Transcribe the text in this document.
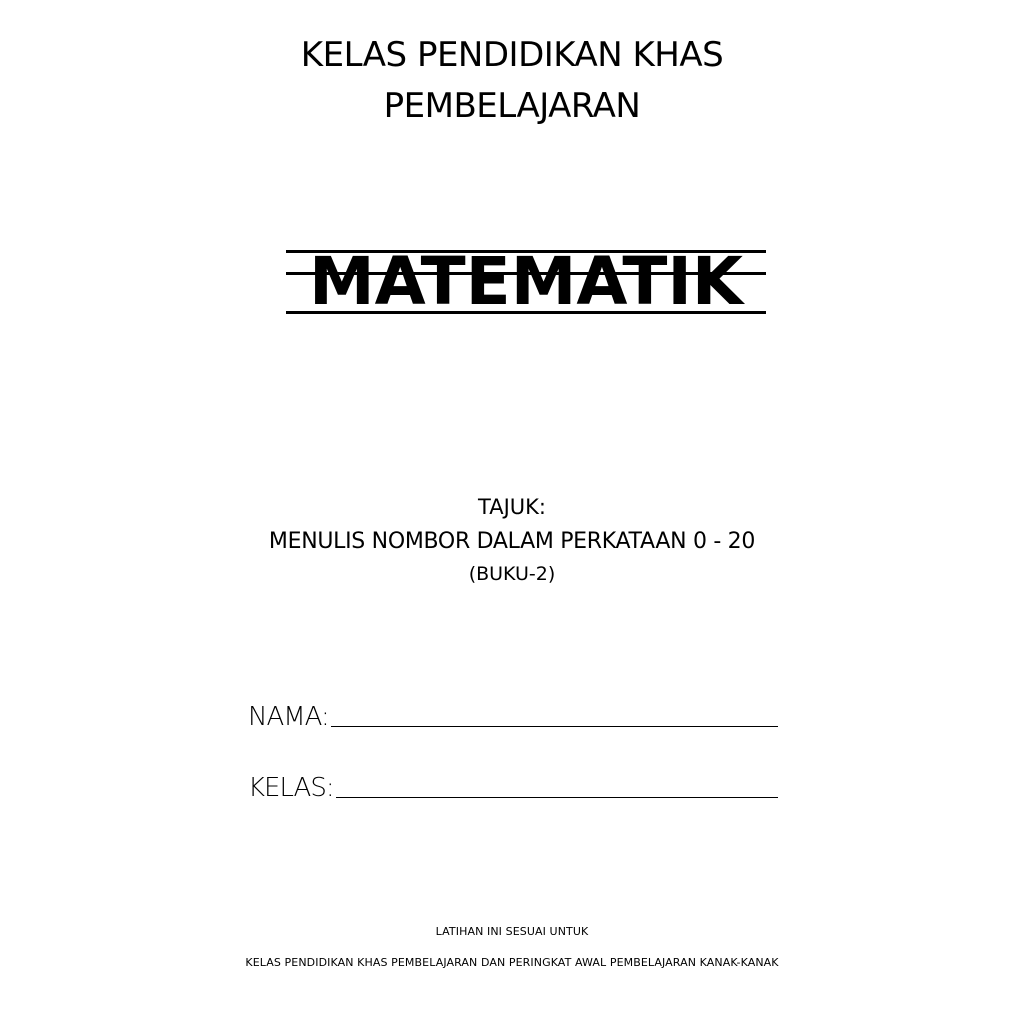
KELAS PENDIDIKAN KHAS
PEMBELAJARAN
MATEMATIK
TAJUK:
MENULIS NOMBOR DALAM PERKATAAN 0 - 20
(BUKU-2)
NAMA:
KELAS:
LATIHAN INI SESUAI UNTUK
KELAS PENDIDIKAN KHAS PEMBELAJARAN DAN PERINGKAT AWAL PEMBELAJARAN KANAK-KANAK
